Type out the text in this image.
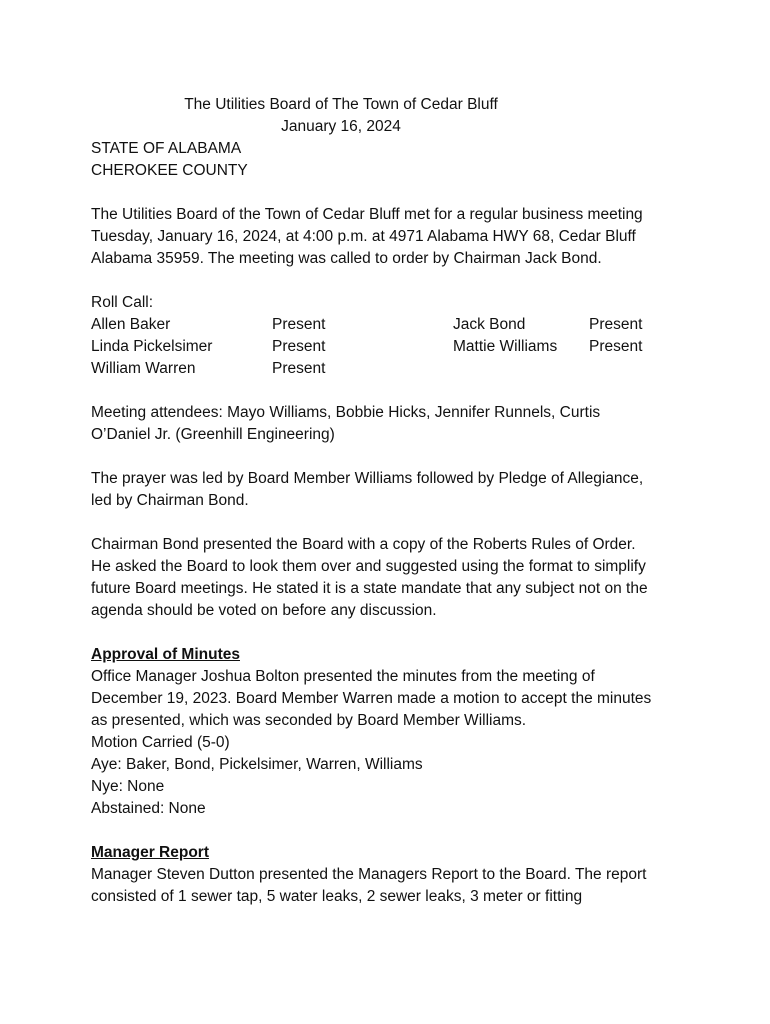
The Utilities Board of The Town of Cedar Bluff

January 16, 2024

STATE OF ALABAMA

CHEROKEE COUNTY

The Utilities Board of the Town of Cedar Bluff met for a regular business meeting

Tuesday, January 16, 2024, at 4:00 p.m. at 4971 Alabama HWY 68, Cedar Bluff

Alabama 35959. The meeting was called to order by Chairman Jack Bond.

Roll Call:

Allen Baker	Present	Jack Bond	Present
Linda Pickelsimer	Present	Mattie Williams Present
William Warren	Present

Meeting attendees: Mayo Williams, Bobbie Hicks, Jennifer Runnels, Curtis

O’Daniel Jr. (Greenhill Engineering)

The prayer was led by Board Member Williams followed by Pledge of Allegiance,

led by Chairman Bond.

Chairman Bond presented the Board with a copy of the Roberts Rules of Order.

He asked the Board to look them over and suggested using the format to simplify

future Board meetings. He stated it is a state mandate that any subject not on the

agenda should be voted on before any discussion.

Approval of Minutes

Office Manager Joshua Bolton presented the minutes from the meeting of

December 19, 2023. Board Member Warren made a motion to accept the minutes

as presented, which was seconded by Board Member Williams.

Motion Carried (5-0)

Aye: Baker, Bond, Pickelsimer, Warren, Williams

Nye: None

Abstained: None

Manager Report

Manager Steven Dutton presented the Managers Report to the Board. The report

consisted of 1 sewer tap, 5 water leaks, 2 sewer leaks, 3 meter or fitting
